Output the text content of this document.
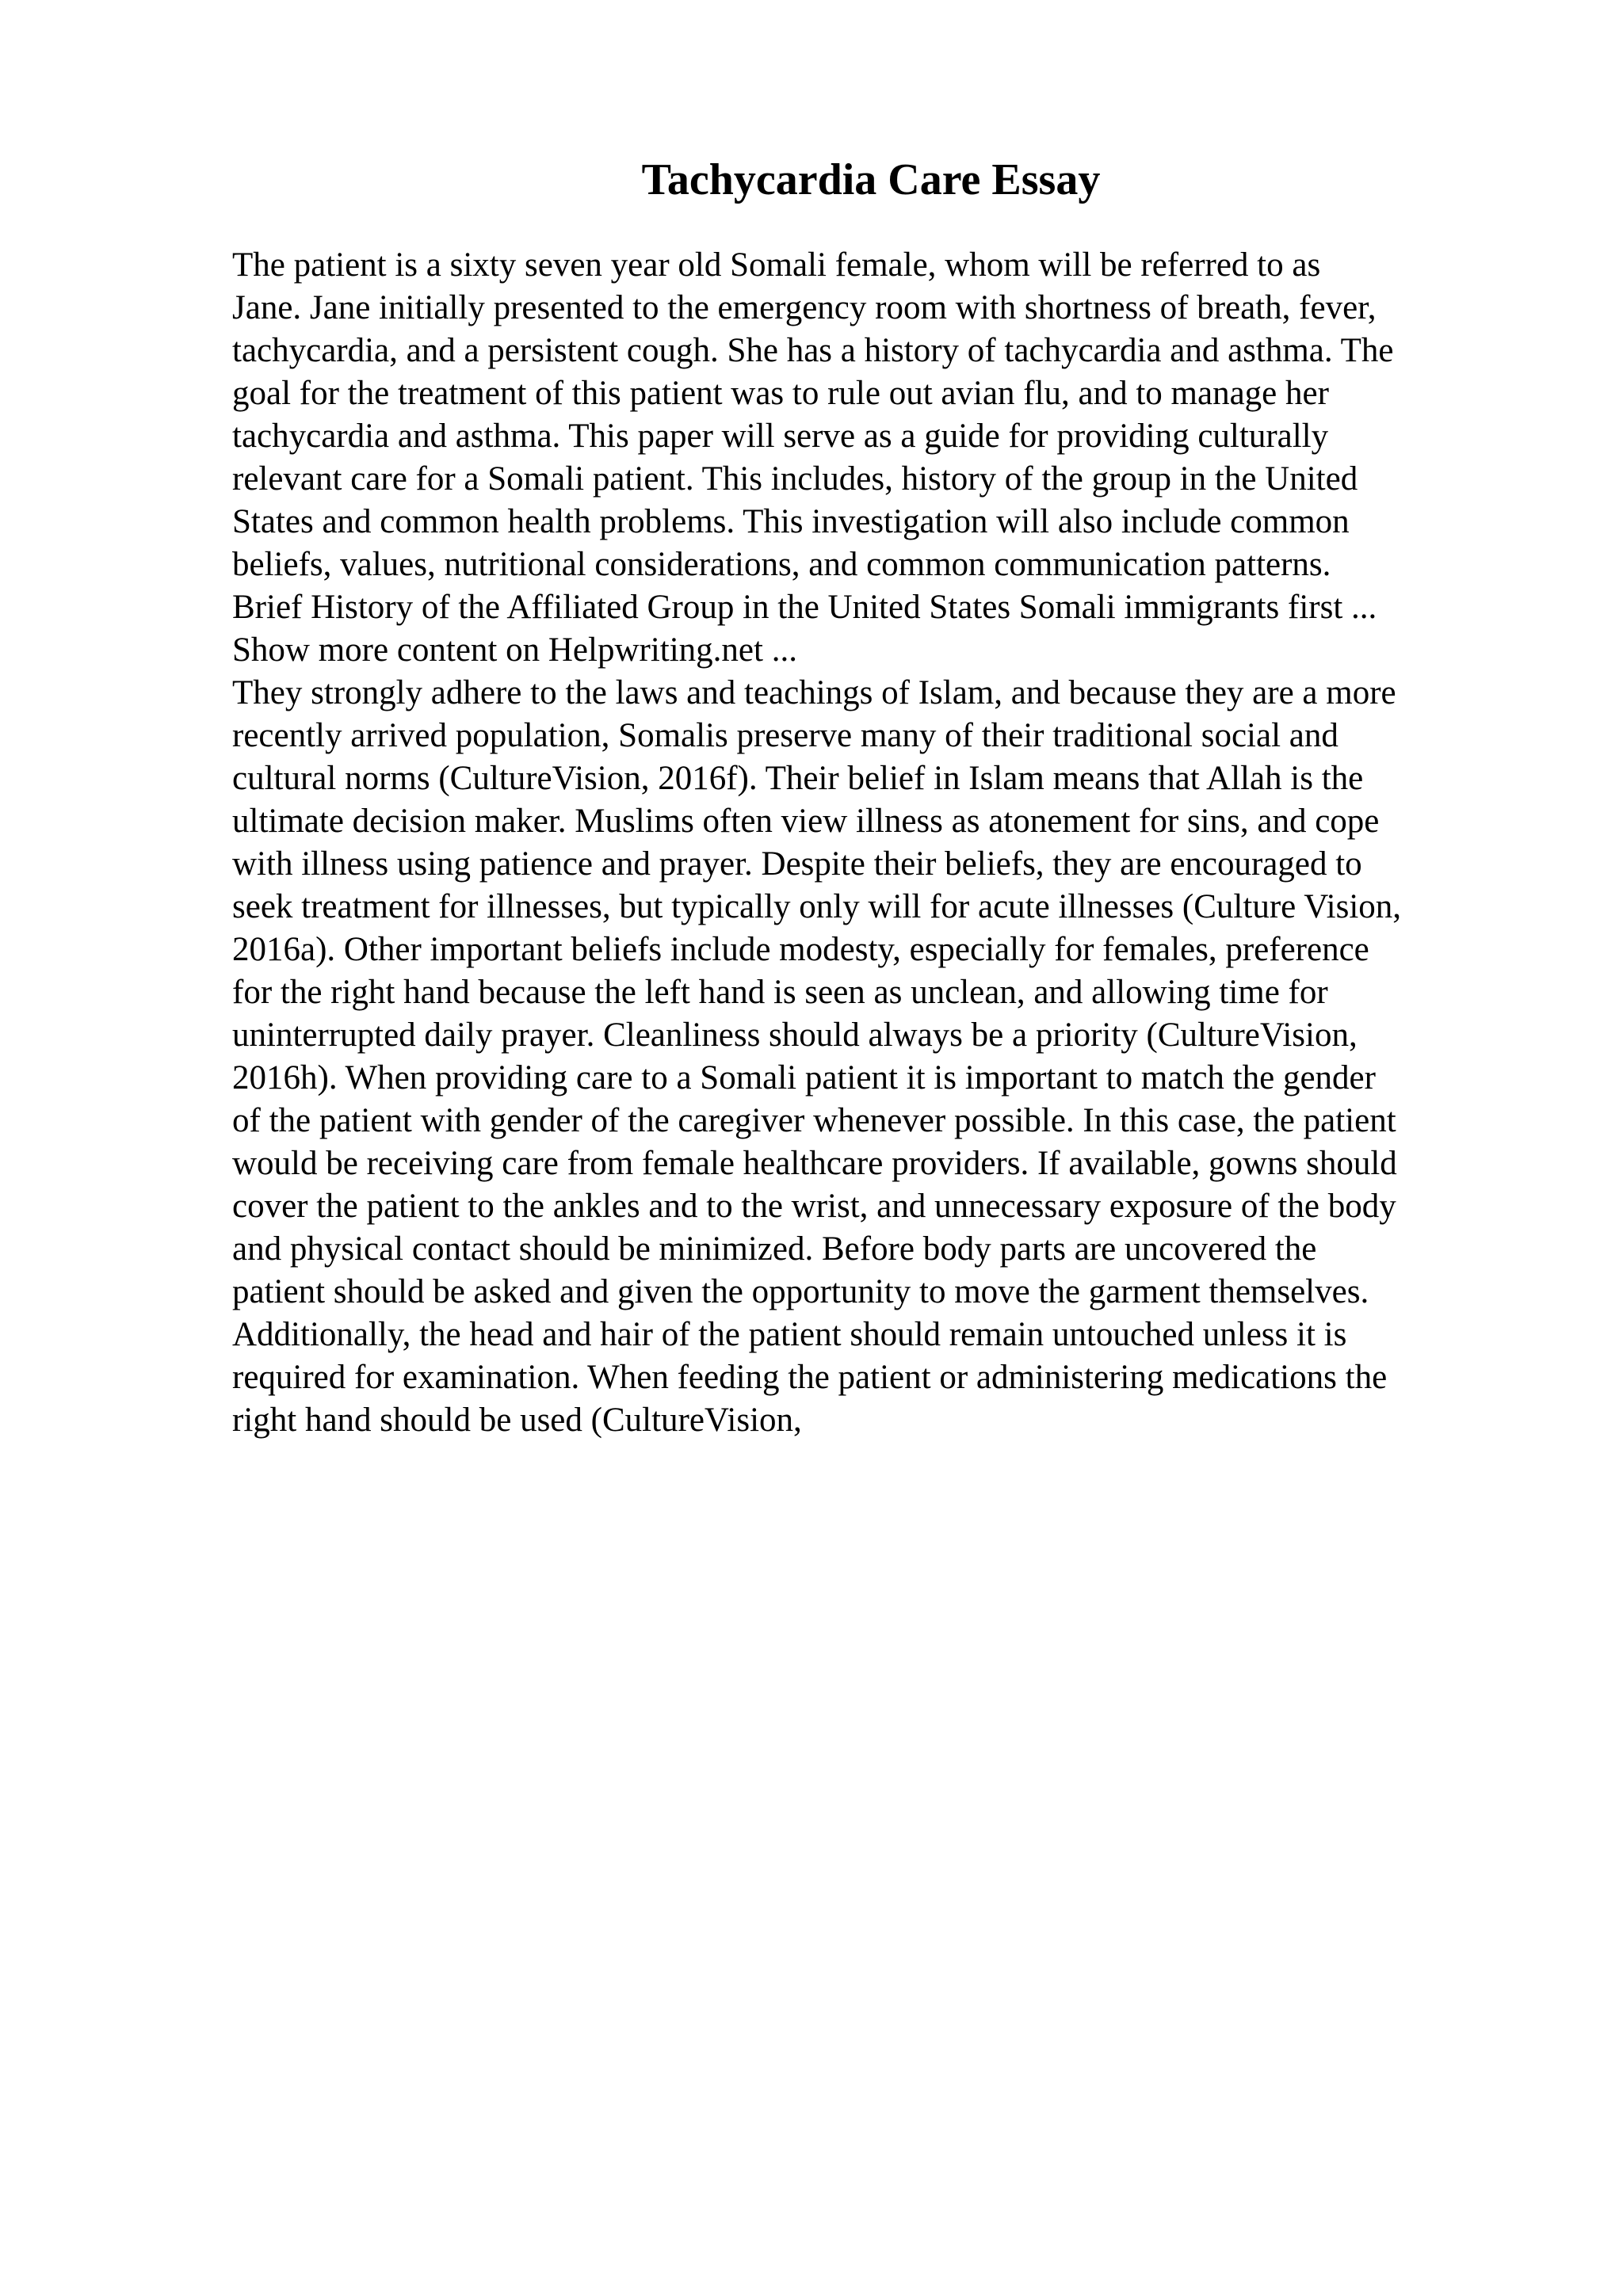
Tachycardia Care Essay
The patient is a sixty seven year old Somali female, whom will be referred to as
Jane. Jane initially presented to the emergency room with shortness of breath, fever,
tachycardia, and a persistent cough. She has a history of tachycardia and asthma. The
goal for the treatment of this patient was to rule out avian flu, and to manage her
tachycardia and asthma. This paper will serve as a guide for providing culturally
relevant care for a Somali patient. This includes, history of the group in the United
States and common health problems. This investigation will also include common
beliefs, values, nutritional considerations, and common communication patterns.
Brief History of the Affiliated Group in the United States Somali immigrants first ...
Show more content on Helpwriting.net ...
They strongly adhere to the laws and teachings of Islam, and because they are a more
recently arrived population, Somalis preserve many of their traditional social and
cultural norms (CultureVision, 2016f). Their belief in Islam means that Allah is the
ultimate decision maker. Muslims often view illness as atonement for sins, and cope
with illness using patience and prayer. Despite their beliefs, they are encouraged to
seek treatment for illnesses, but typically only will for acute illnesses (Culture Vision,
2016a). Other important beliefs include modesty, especially for females, preference
for the right hand because the left hand is seen as unclean, and allowing time for
uninterrupted daily prayer. Cleanliness should always be a priority (CultureVision,
2016h). When providing care to a Somali patient it is important to match the gender
of the patient with gender of the caregiver whenever possible. In this case, the patient
would be receiving care from female healthcare providers. If available, gowns should
cover the patient to the ankles and to the wrist, and unnecessary exposure of the body
and physical contact should be minimized. Before body parts are uncovered the
patient should be asked and given the opportunity to move the garment themselves.
Additionally, the head and hair of the patient should remain untouched unless it is
required for examination. When feeding the patient or administering medications the
right hand should be used (CultureVision,
